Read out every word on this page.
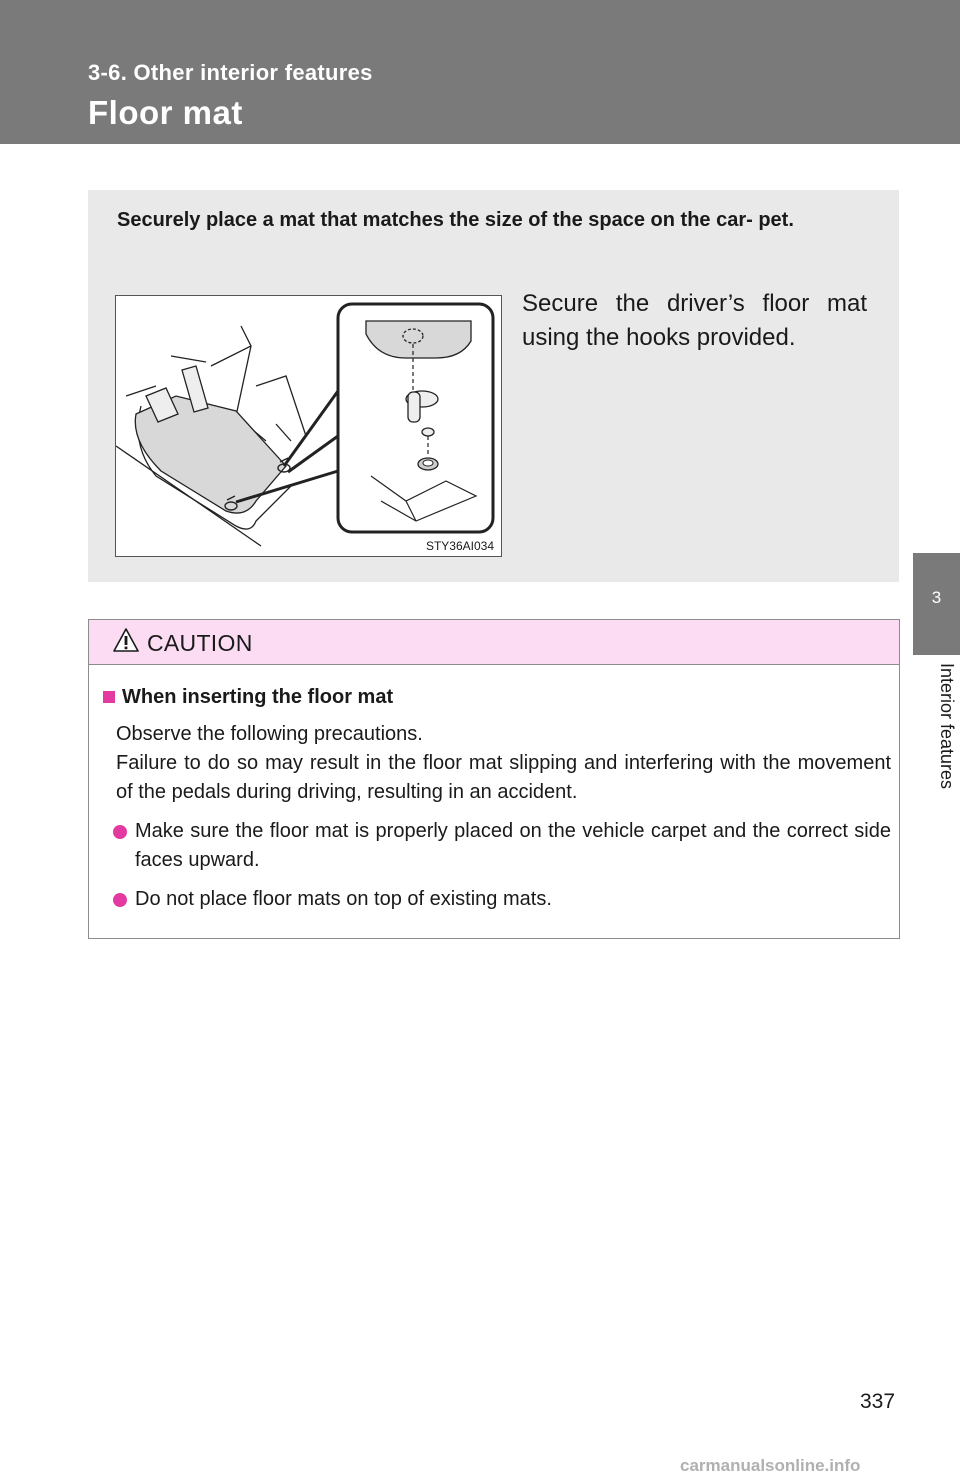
3-6. Other interior features
Floor mat
3
Interior features
Securely place a mat that matches the size of the space on the car- pet.
STY36AI034
Secure the driver’s floor mat using the hooks provided.
CAUTION
When inserting the floor mat
Observe the following precautions.
Failure to do so may result in the floor mat slipping and interfering with the movement of the pedals during driving, resulting in an accident.
Make sure the floor mat is properly placed on the vehicle carpet and the correct side faces upward.
Do not place floor mats on top of existing mats.
337
carmanualsonline.info
